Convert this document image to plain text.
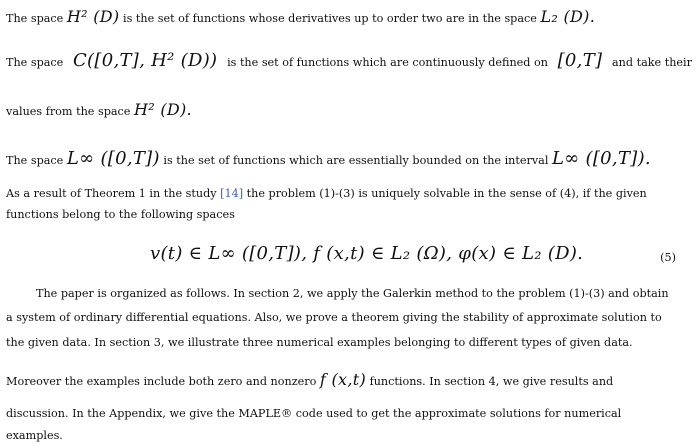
The space H² (D) is the set of functions whose derivatives up to order two are in the space L₂ (D).
The space C([0,T], H² (D)) is the set of functions which are continuously defined on [0,T] and take their
values from the space H² (D).
The space L∞ ([0,T]) is the set of functions which are essentially bounded on the interval L∞ ([0,T]).
As a result of Theorem 1 in the study [14] the problem (1)-(3) is uniquely solvable in the sense of (4), if the given
functions belong to the following spaces
v(t) ∈ L∞ ([0,T]), f (x,t) ∈ L₂ (Ω), φ(x) ∈ L₂ (D).	(5)
The paper is organized as follows. In section 2, we apply the Galerkin method to the problem (1)-(3) and obtain
a system of ordinary differential equations. Also, we prove a theorem giving the stability of approximate solution to
the given data. In section 3, we illustrate three numerical examples belonging to different types of given data.
Moreover the examples include both zero and nonzero f (x,t) functions. In section 4, we give results and
discussion. In the Appendix, we give the MAPLE® code used to get the approximate solutions for numerical
examples.
